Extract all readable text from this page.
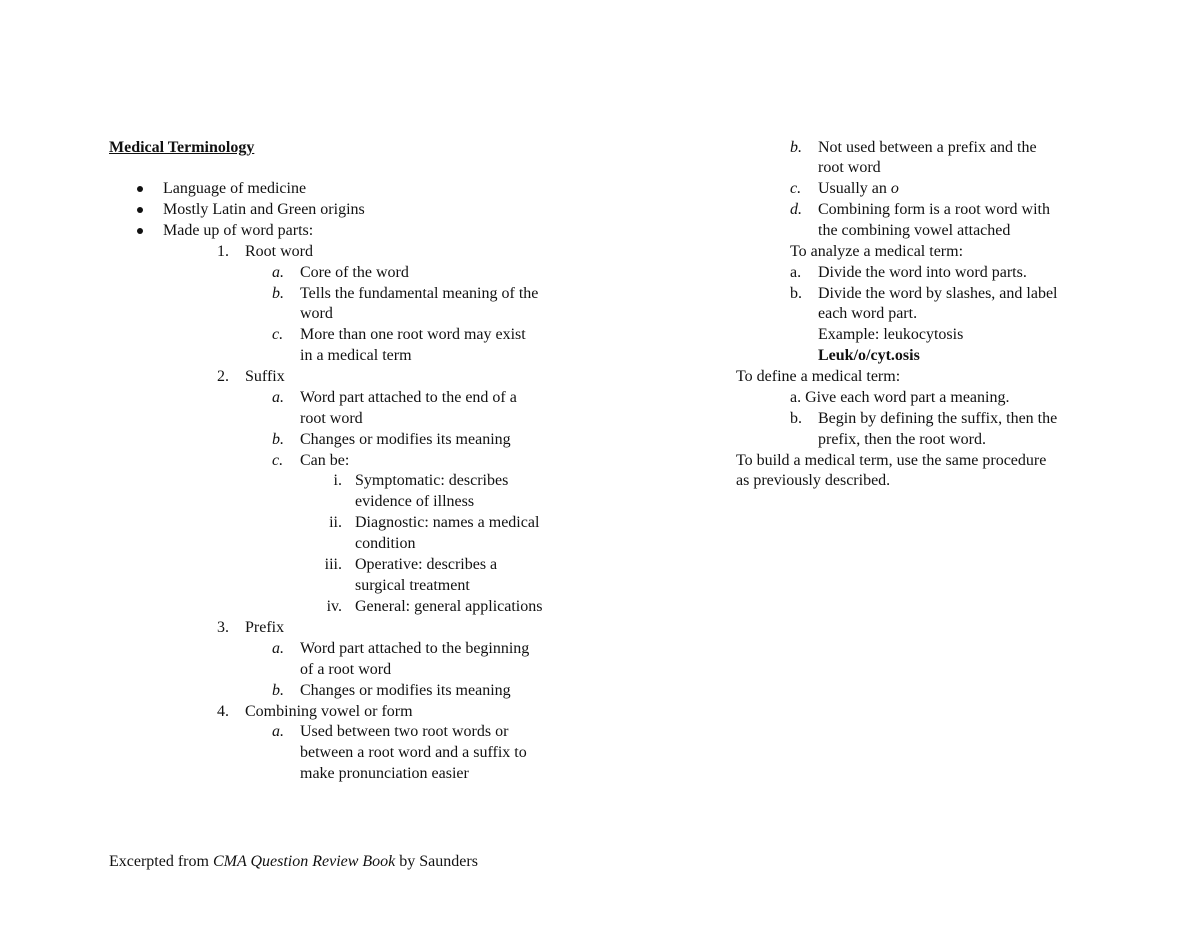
Medical Terminology
Language of medicine
Mostly Latin and Green origins
Made up of word parts:
1. Root word
a. Core of the word
b. Tells the fundamental meaning of the
word
c. More than one root word may exist
in a medical term
2. Suffix
a. Word part attached to the end of a
root word
b. Changes or modifies its meaning
c. Can be:
i. Symptomatic: describes
evidence of illness
ii. Diagnostic: names a medical
condition
iii. Operative: describes a
surgical treatment
iv. General: general applications
3. Prefix
a. Word part attached to the beginning
of a root word
b. Changes or modifies its meaning
4. Combining vowel or form
a. Used between two root words or
between a root word and a suffix to
make pronunciation easier
b. Not used between a prefix and the
root word
c. Usually an o
d. Combining form is a root word with
the combining vowel attached
To analyze a medical term:
a. Divide the word into word parts.
b. Divide the word by slashes, and label
each word part.
Example: leukocytosis
Leuk/o/cyt.osis
To define a medical term:
a. Give each word part a meaning.
b. Begin by defining the suffix, then the
prefix, then the root word.
To build a medical term, use the same procedure
as previously described.
Excerpted from CMA Question Review Book by Saunders
